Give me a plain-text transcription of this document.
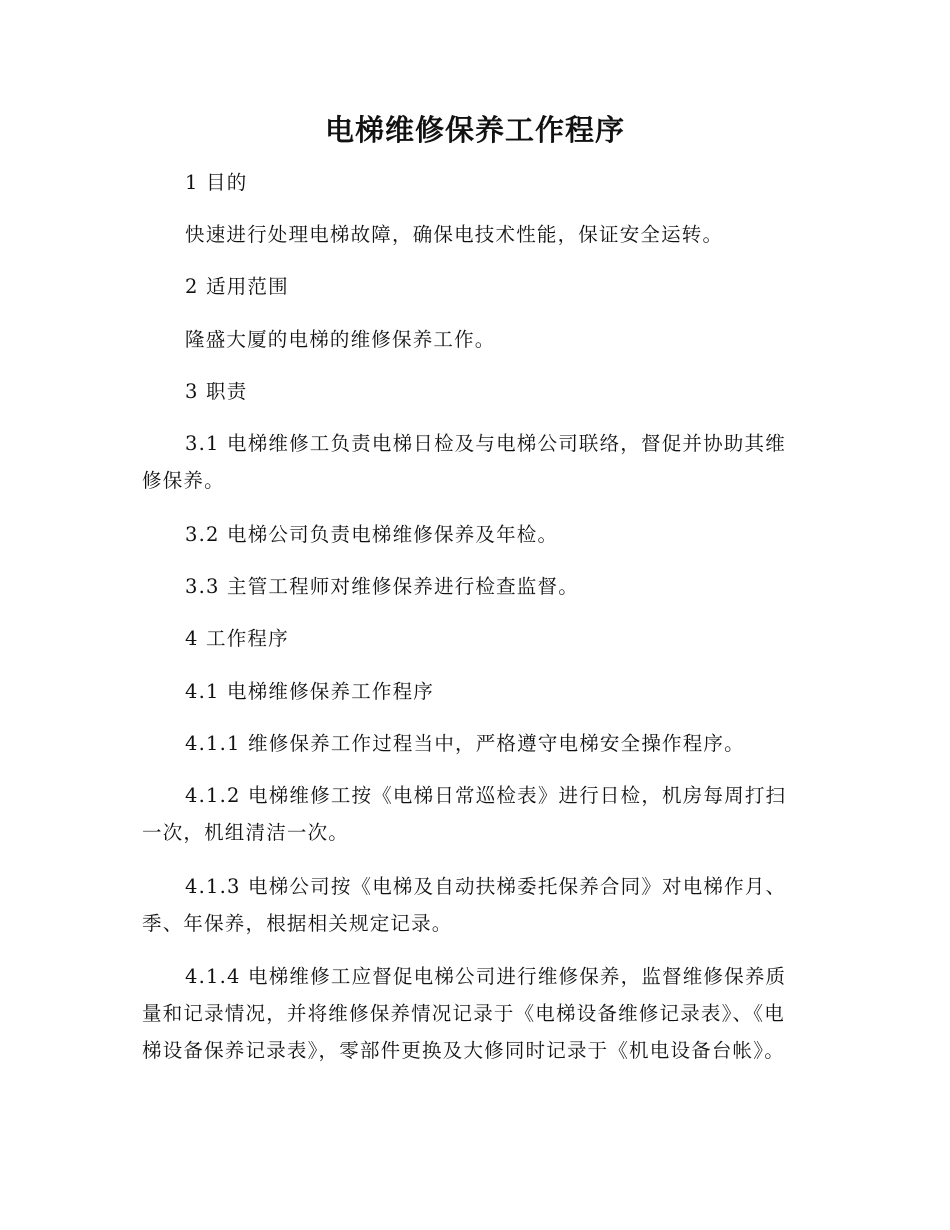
电梯维修保养工作程序

1 目的

快速进行处理电梯故障，确保电技术性能，保证安全运转。

2 适用范围

隆盛大厦的电梯的维修保养工作。

3 职责

3.1 电梯维修工负责电梯日检及与电梯公司联络，督促并协助其维修保养。

3.2 电梯公司负责电梯维修保养及年检。

3.3 主管工程师对维修保养进行检查监督。

4 工作程序

4.1 电梯维修保养工作程序

4.1.1 维修保养工作过程当中，严格遵守电梯安全操作程序。

4.1.2 电梯维修工按《电梯日常巡检表》进行日检，机房每周打扫一次，机组清洁一次。

4.1.3 电梯公司按《电梯及自动扶梯委托保养合同》对电梯作月、季、年保养，根据相关规定记录。

4.1.4 电梯维修工应督促电梯公司进行维修保养，监督维修保养质量和记录情况，并将维修保养情况记录于《电梯设备维修记录表》、《电梯设备保养记录表》，零部件更换及大修同时记录于《机电设备台帐》。
